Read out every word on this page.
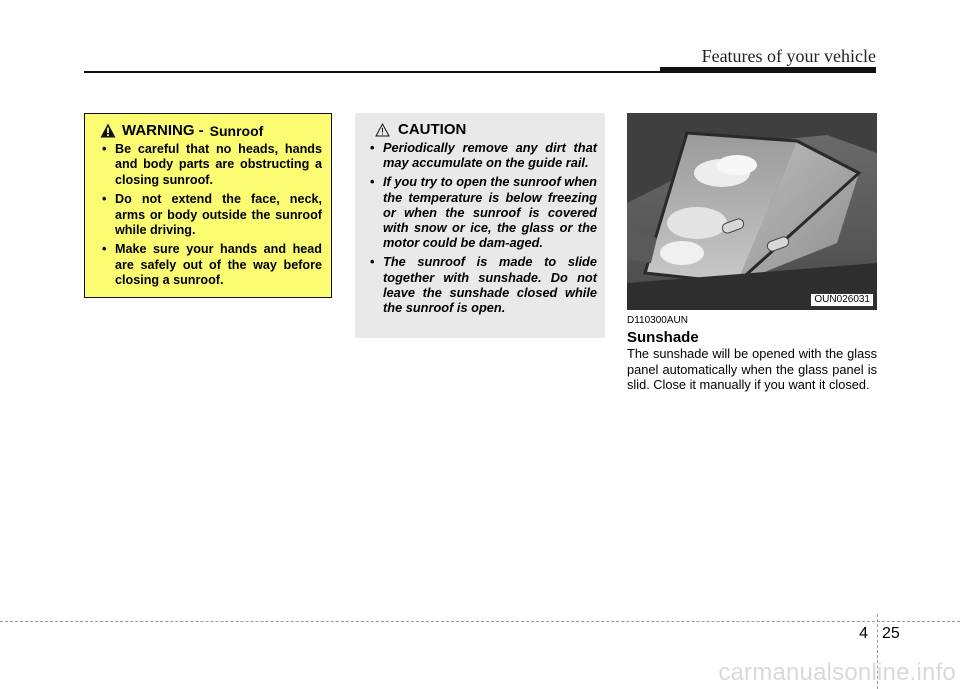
Features of your vehicle
WARNING - Sunroof
• Be careful that no heads, hands and body parts are obstructing a closing sunroof.
• Do not extend the face, neck, arms or body outside the sunroof while driving.
• Make sure your hands and head are safely out of the way before closing a sunroof.
CAUTION
• Periodically remove any dirt that may accumulate on the guide rail.
• If you try to open the sunroof when the temperature is below freezing or when the sunroof is covered with snow or ice, the glass or the motor could be dam-aged.
• The sunroof is made to slide together with sunshade. Do not leave the sunshade closed while the sunroof is open.
OUN026031
D110300AUN
Sunshade
The sunshade will be opened with the glass panel automatically when the glass panel is slid. Close it manually if you want it closed.
4 25
carmanualsonline.info
